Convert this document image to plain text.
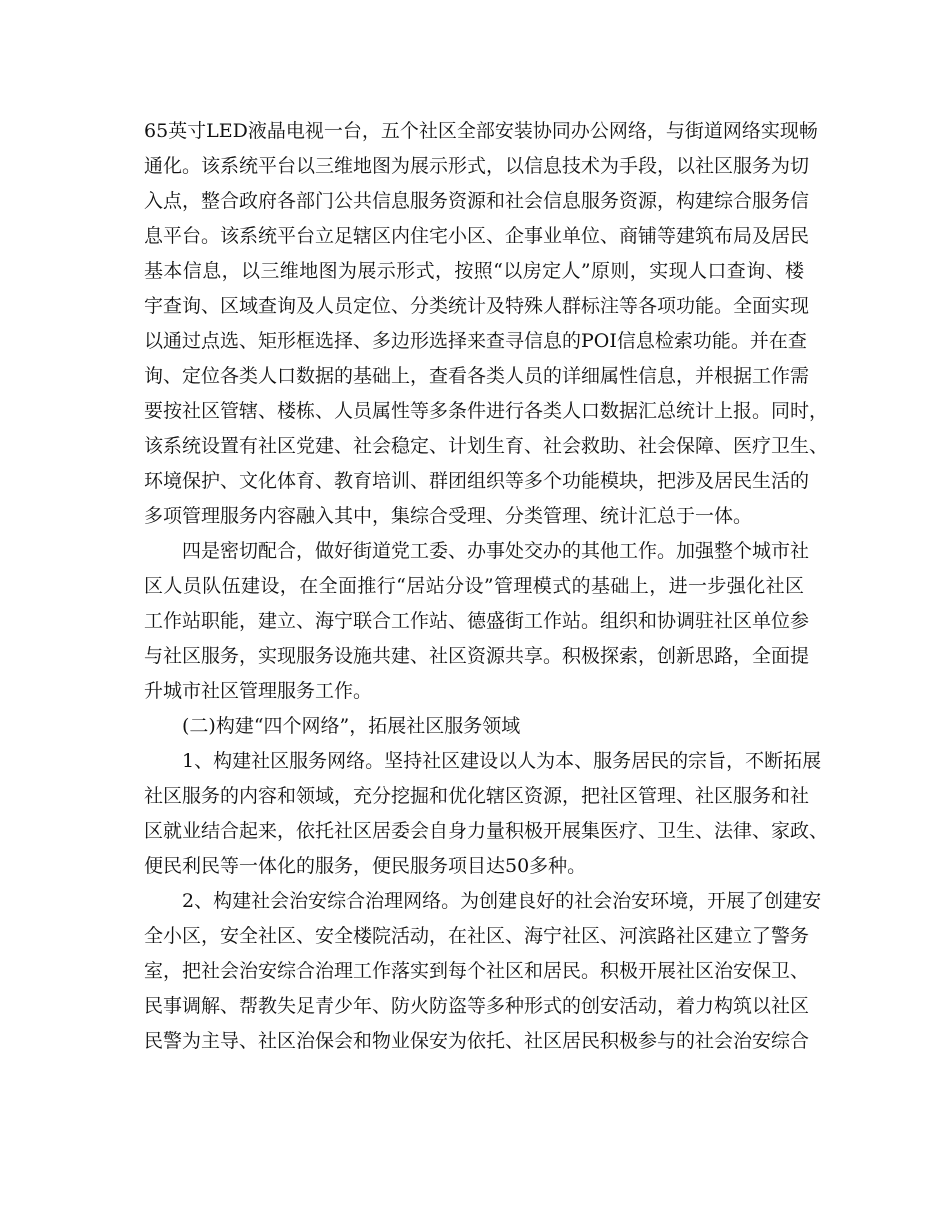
65英寸LED液晶电视一台，五个社区全部安装协同办公网络，与街道网络实现畅
通化。该系统平台以三维地图为展示形式，以信息技术为手段，以社区服务为切
入点，整合政府各部门公共信息服务资源和社会信息服务资源，构建综合服务信
息平台。该系统平台立足辖区内住宅小区、企事业单位、商铺等建筑布局及居民
基本信息，以三维地图为展示形式，按照“以房定人”原则，实现人口查询、楼
宇查询、区域查询及人员定位、分类统计及特殊人群标注等各项功能。全面实现
以通过点选、矩形框选择、多边形选择来查寻信息的POI信息检索功能。并在查
询、定位各类人口数据的基础上，查看各类人员的详细属性信息，并根据工作需
要按社区管辖、楼栋、人员属性等多条件进行各类人口数据汇总统计上报。同时，
该系统设置有社区党建、社会稳定、计划生育、社会救助、社会保障、医疗卫生、
环境保护、文化体育、教育培训、群团组织等多个功能模块，把涉及居民生活的
多项管理服务内容融入其中，集综合受理、分类管理、统计汇总于一体。
四是密切配合，做好街道党工委、办事处交办的其他工作。加强整个城市社
区人员队伍建设，在全面推行“居站分设”管理模式的基础上，进一步强化社区
工作站职能，建立、海宁联合工作站、德盛街工作站。组织和协调驻社区单位参
与社区服务，实现服务设施共建、社区资源共享。积极探索，创新思路，全面提
升城市社区管理服务工作。
(二)构建“四个网络”，拓展社区服务领域
1、构建社区服务网络。坚持社区建设以人为本、服务居民的宗旨，不断拓展
社区服务的内容和领域，充分挖掘和优化辖区资源，把社区管理、社区服务和社
区就业结合起来，依托社区居委会自身力量积极开展集医疗、卫生、法律、家政、
便民利民等一体化的服务，便民服务项目达50多种。
2、构建社会治安综合治理网络。为创建良好的社会治安环境，开展了创建安
全小区，安全社区、安全楼院活动，在社区、海宁社区、河滨路社区建立了警务
室，把社会治安综合治理工作落实到每个社区和居民。积极开展社区治安保卫、
民事调解、帮教失足青少年、防火防盗等多种形式的创安活动，着力构筑以社区
民警为主导、社区治保会和物业保安为依托、社区居民积极参与的社会治安综合
